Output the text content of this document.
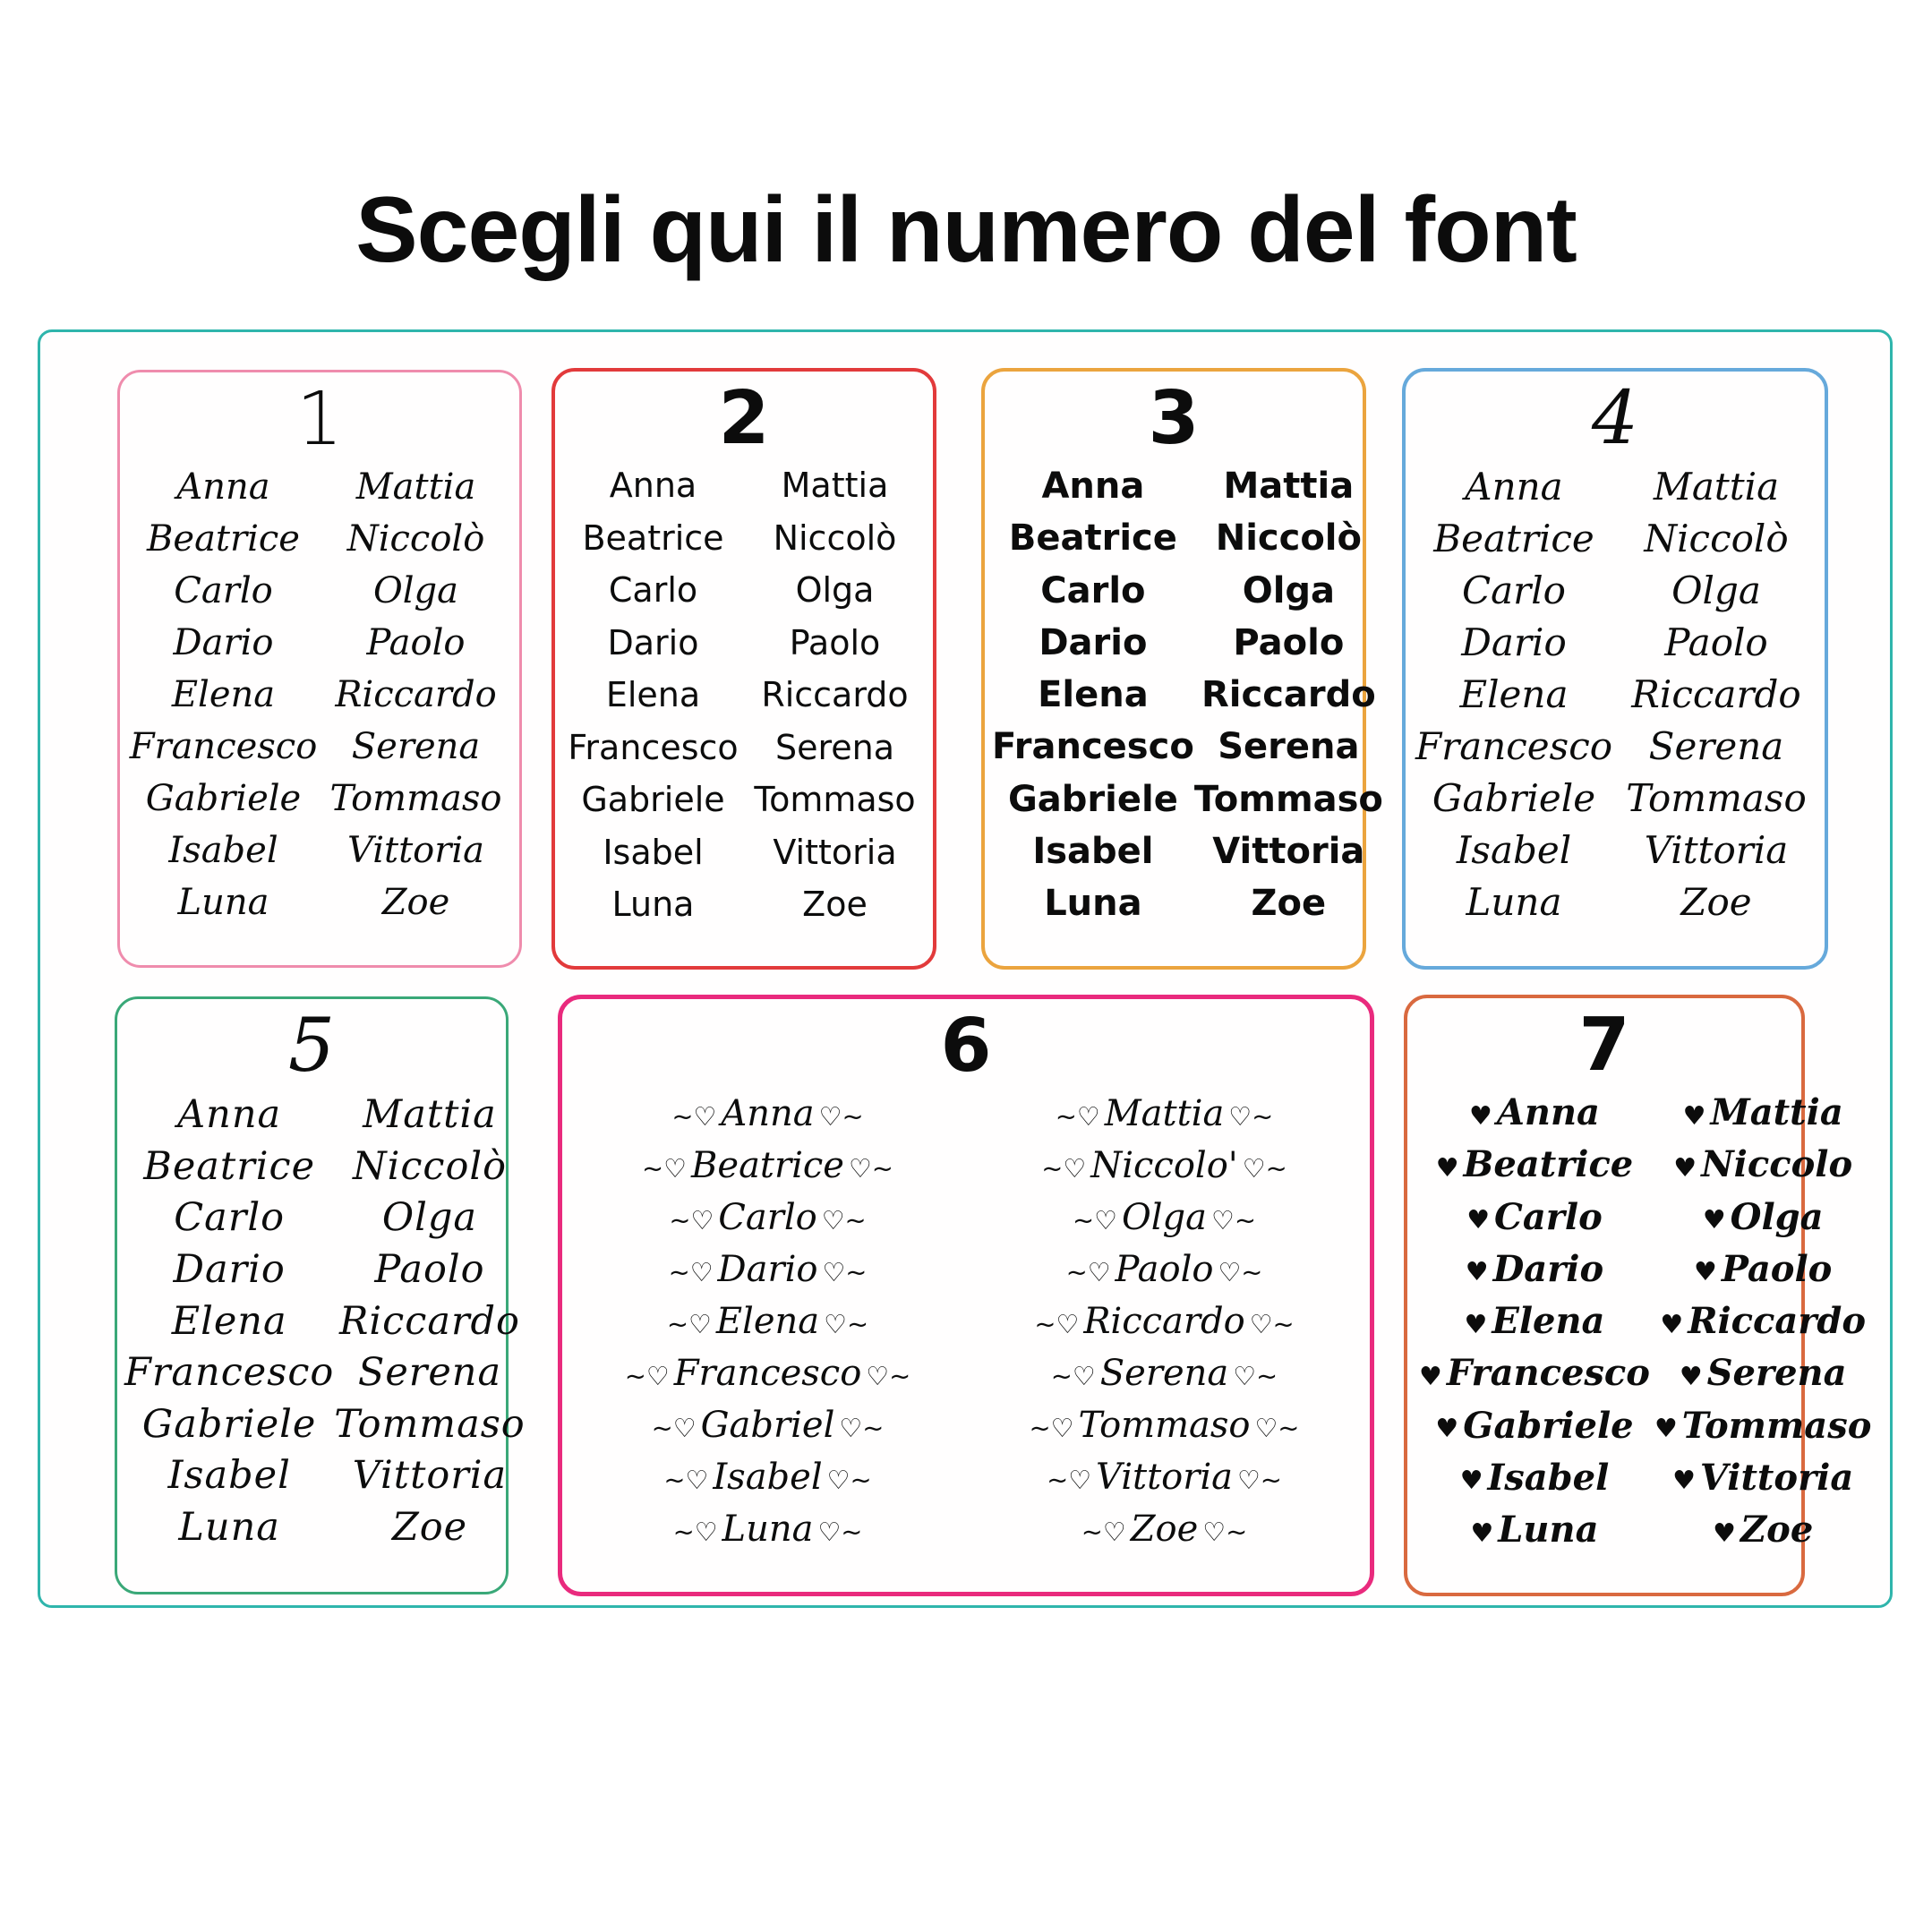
Scegli qui il numero del font
1
Anna	Mattia
Beatrice	Niccolò
Carlo	Olga
Dario	Paolo
Elena	Riccardo
Francesco Serena
Gabriele Tommaso
Isabel	Vittoria
Luna	Zoe
2
Anna	Mattia
Beatrice	Niccolò
Carlo	Olga
Dario	Paolo
Elena	Riccardo
Francesco	Serena
Gabriele Tommaso
Isabel	Vittoria
Luna	Zoe
3
Anna	Mattia
Beatrice	Niccolò
Carlo	Olga
Dario	Paolo
Elena	Riccardo
Francesco Serena
Gabriele Tommaso
Isabel	Vittoria
Luna	Zoe
4
Anna	Mattia
Beatrice	Niccolò
Carlo	Olga
Dario	Paolo
Elena	Riccardo
Francesco Serena
Gabriele Tommaso
Isabel	Vittoria
Luna	Zoe
5
Anna	Mattia
Beatrice Niccolò
Carlo	Olga
Dario	Paolo
Elena	Riccardo
Francesco Serena
Gabriele Tommaso
Isabel	Vittoria
Luna	Zoe
6
~♡ Anna ♡~	~♡ Mattia ♡~
~♡ Beatrice ♡~	~♡ Niccolo' ♡~
~♡ Carlo ♡~	~♡ Olga ♡~
~♡ Dario ♡~	~♡ Paolo ♡~
~♡ Elena ♡~	~♡ Riccardo ♡~
~♡ Francesco ♡~	~♡ Serena ♡~
~♡ Gabriel ♡~	~♡ Tommaso ♡~
~♡ Isabel ♡~	~♡ Vittoria ♡~
~♡ Luna ♡~	~♡ Zoe ♡~
7
♥ Anna	♥ Mattia
♥ Beatrice	♥ Niccolo
♥ Carlo	♥ Olga
♥ Dario	♥ Paolo
♥ Elena	♥ Riccardo
♥ Francesco	♥ Serena
♥ Gabriele ♥ Tommaso
♥ Isabel	♥ Vittoria
♥ Luna	♥ Zoe
